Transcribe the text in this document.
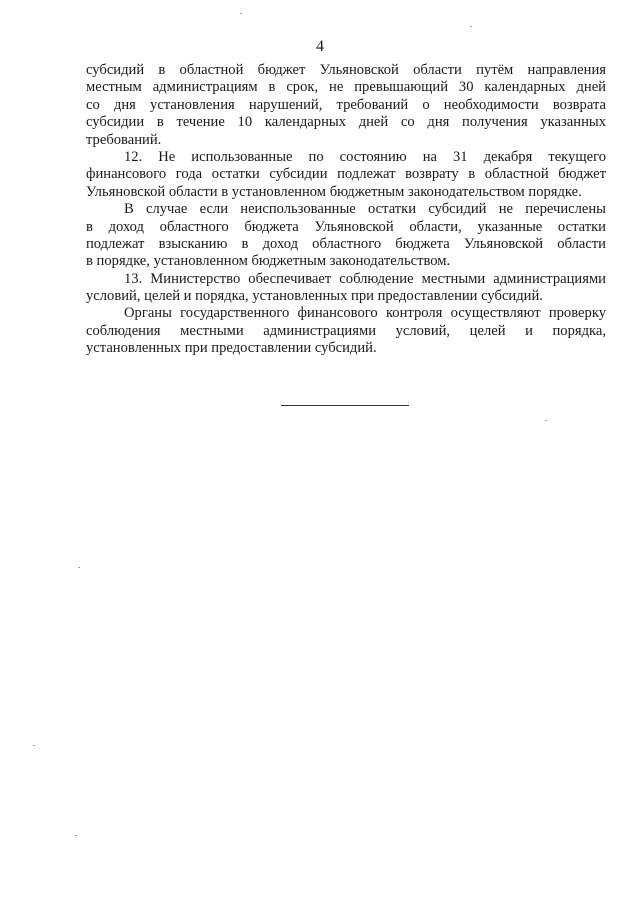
4
субсидий в областной бюджет Ульяновской области путём направления
местным администрациям в срок, не превышающий 30 календарных дней
со дня установления нарушений, требований о необходимости возврата
субсидии в течение 10 календарных дней со дня получения указанных
требований.
12. Не использованные по состоянию на 31 декабря текущего
финансового года остатки субсидии подлежат возврату в областной бюджет
Ульяновской области в установленном бюджетным законодательством порядке.
В случае если неиспользованные остатки субсидий не перечислены
в доход областного бюджета Ульяновской области, указанные остатки
подлежат взысканию в доход областного бюджета Ульяновской области
в порядке, установленном бюджетным законодательством.
13. Министерство обеспечивает соблюдение местными администрациями
условий, целей и порядка, установленных при предоставлении субсидий.
Органы государственного финансового контроля осуществляют проверку
соблюдения местными администрациями условий, целей и порядка,
установленных при предоставлении субсидий.
